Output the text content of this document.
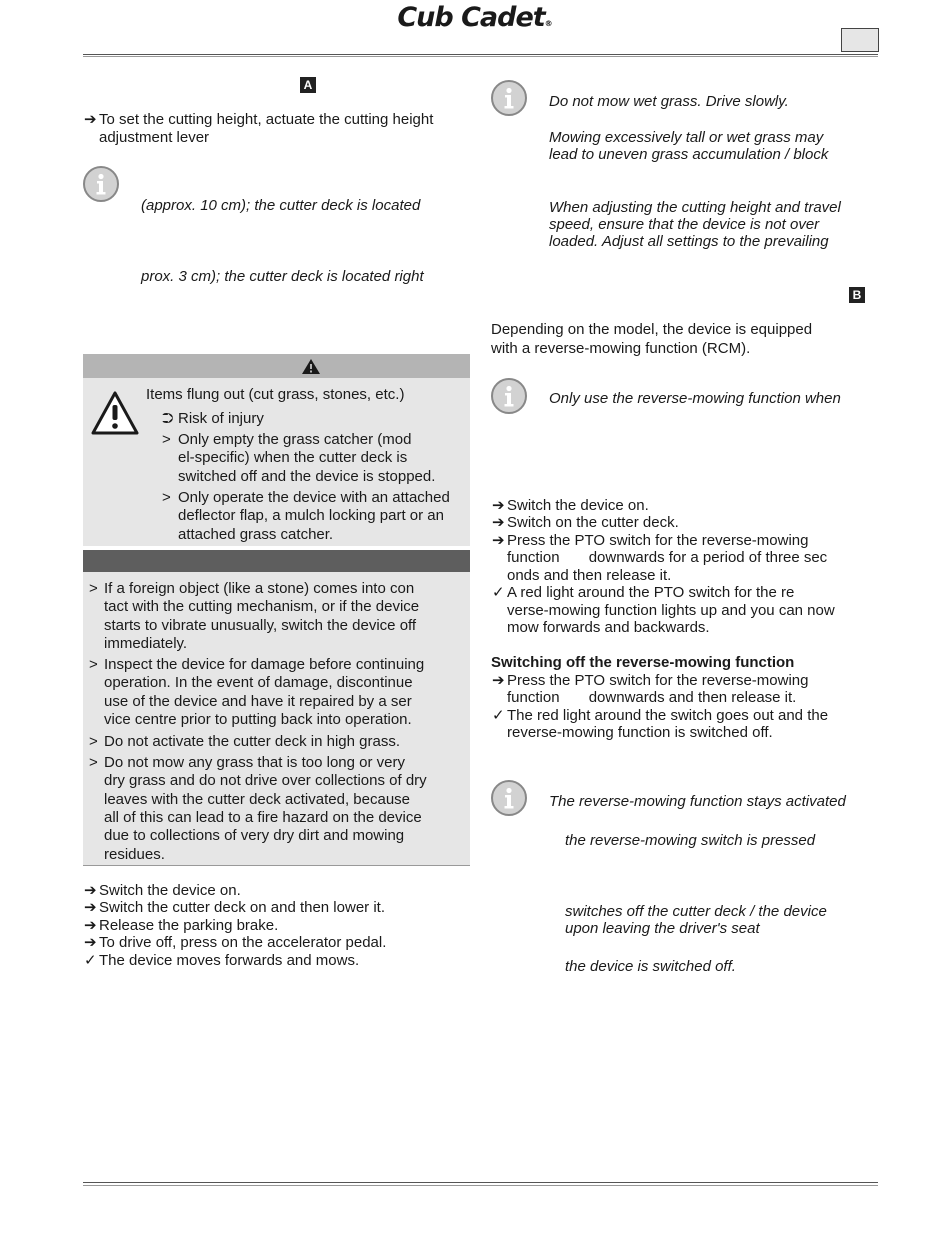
Cub Cadet®
A
➔ To set the cutting height, actuate the cutting height
adjustment lever
(approx. 10 cm); the cutter deck is located
prox. 3 cm); the cutter deck is located right
Items flung out (cut grass, stones, etc.)
⮊ Risk of injury
> Only empty the grass catcher (mod
el-specific) when the cutter deck is
switched off and the device is stopped.
> Only operate the device with an attached
deflector flap, a mulch locking part or an
attached grass catcher.
> If a foreign object (like a stone) comes into con
tact with the cutting mechanism, or if the device
starts to vibrate unusually, switch the device off
immediately.
> Inspect the device for damage before continuing
operation. In the event of damage, discontinue
use of the device and have it repaired by a ser
vice centre prior to putting back into operation.
> Do not activate the cutter deck in high grass.
> Do not mow any grass that is too long or very
dry grass and do not drive over collections of dry
leaves with the cutter deck activated, because
all of this can lead to a fire hazard on the device
due to collections of very dry dirt and mowing
residues.
➔ Switch the device on.
➔ Switch the cutter deck on and then lower it.
➔ Release the parking brake.
➔ To drive off, press on the accelerator pedal.
✓ The device moves forwards and mows.
Do not mow wet grass. Drive slowly.
Mowing excessively tall or wet grass may
lead to uneven grass accumulation / block
When adjusting the cutting height and travel
speed, ensure that the device is not over
loaded. Adjust all settings to the prevailing
B
Depending on the model, the device is equipped
with a reverse-mowing function (RCM).
Only use the reverse-mowing function when
➔ Switch the device on.
➔ Switch on the cutter deck.
➔ Press the PTO switch for the reverse-mowing
function       downwards for a period of three sec
onds and then release it.
✓ A red light around the PTO switch for the re
verse-mowing function lights up and you can now
mow forwards and backwards.
Switching off the reverse-mowing function
➔ Press the PTO switch for the reverse-mowing
function       downwards and then release it.
✓ The red light around the switch goes out and the
reverse-mowing function is switched off.
The reverse-mowing function stays activated
the reverse-mowing switch is pressed
switches off the cutter deck / the device
upon leaving the driver's seat
the device is switched off.
